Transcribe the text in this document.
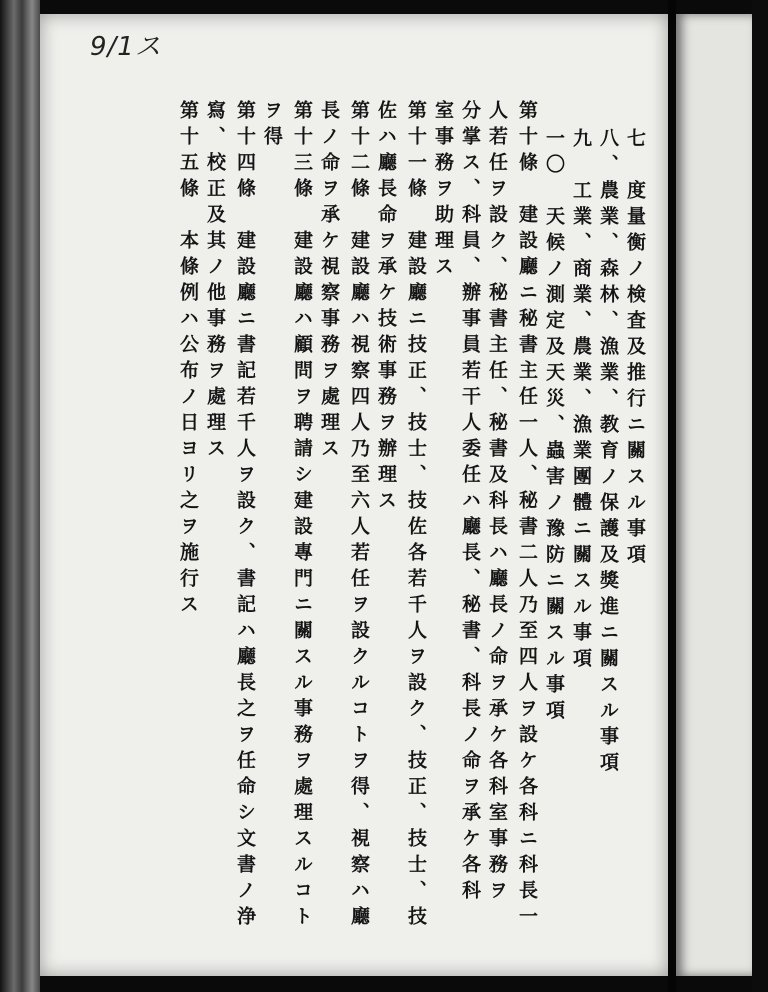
9/1ス
七　度量衡ノ検査及推行ニ關スル事項
八、農業、森林、漁業、教育ノ保護及獎進ニ關スル事項
九　工業、商業、農業、漁業團體ニ關スル事項
一〇　天候ノ測定及天災、蟲害ノ豫防ニ關スル事項
第十條　建設廳ニ秘書主任一人、秘書二人乃至四人ヲ設ケ各科ニ科長一
人若任ヲ設ク、秘書主任、秘書及科長ハ廳長ノ命ヲ承ケ各科室事務ヲ
分掌ス、科員、辦事員若干人委任ハ廳長、秘書、科長ノ命ヲ承ケ各科
室事務ヲ助理ス
第十一條　建設廳ニ技正、技士、技佐各若千人ヲ設ク、技正、技士、技
佐ハ廳長命ヲ承ケ技術事務ヲ辦理ス
第十二條　建設廳ハ視察四人乃至六人若任ヲ設クルコトヲ得、視察ハ廳
長ノ命ヲ承ケ視察事務ヲ處理ス
第十三條　建設廳ハ顧問ヲ聘請シ建設專門ニ關スル事務ヲ處理スルコト
ヲ得
第十四條　建設廳ニ書記若千人ヲ設ク、書記ハ廳長之ヲ任命シ文書ノ浄
寫、校正及其ノ他事務ヲ處理ス
第十五條　本條例ハ公布ノ日ヨリ之ヲ施行ス
